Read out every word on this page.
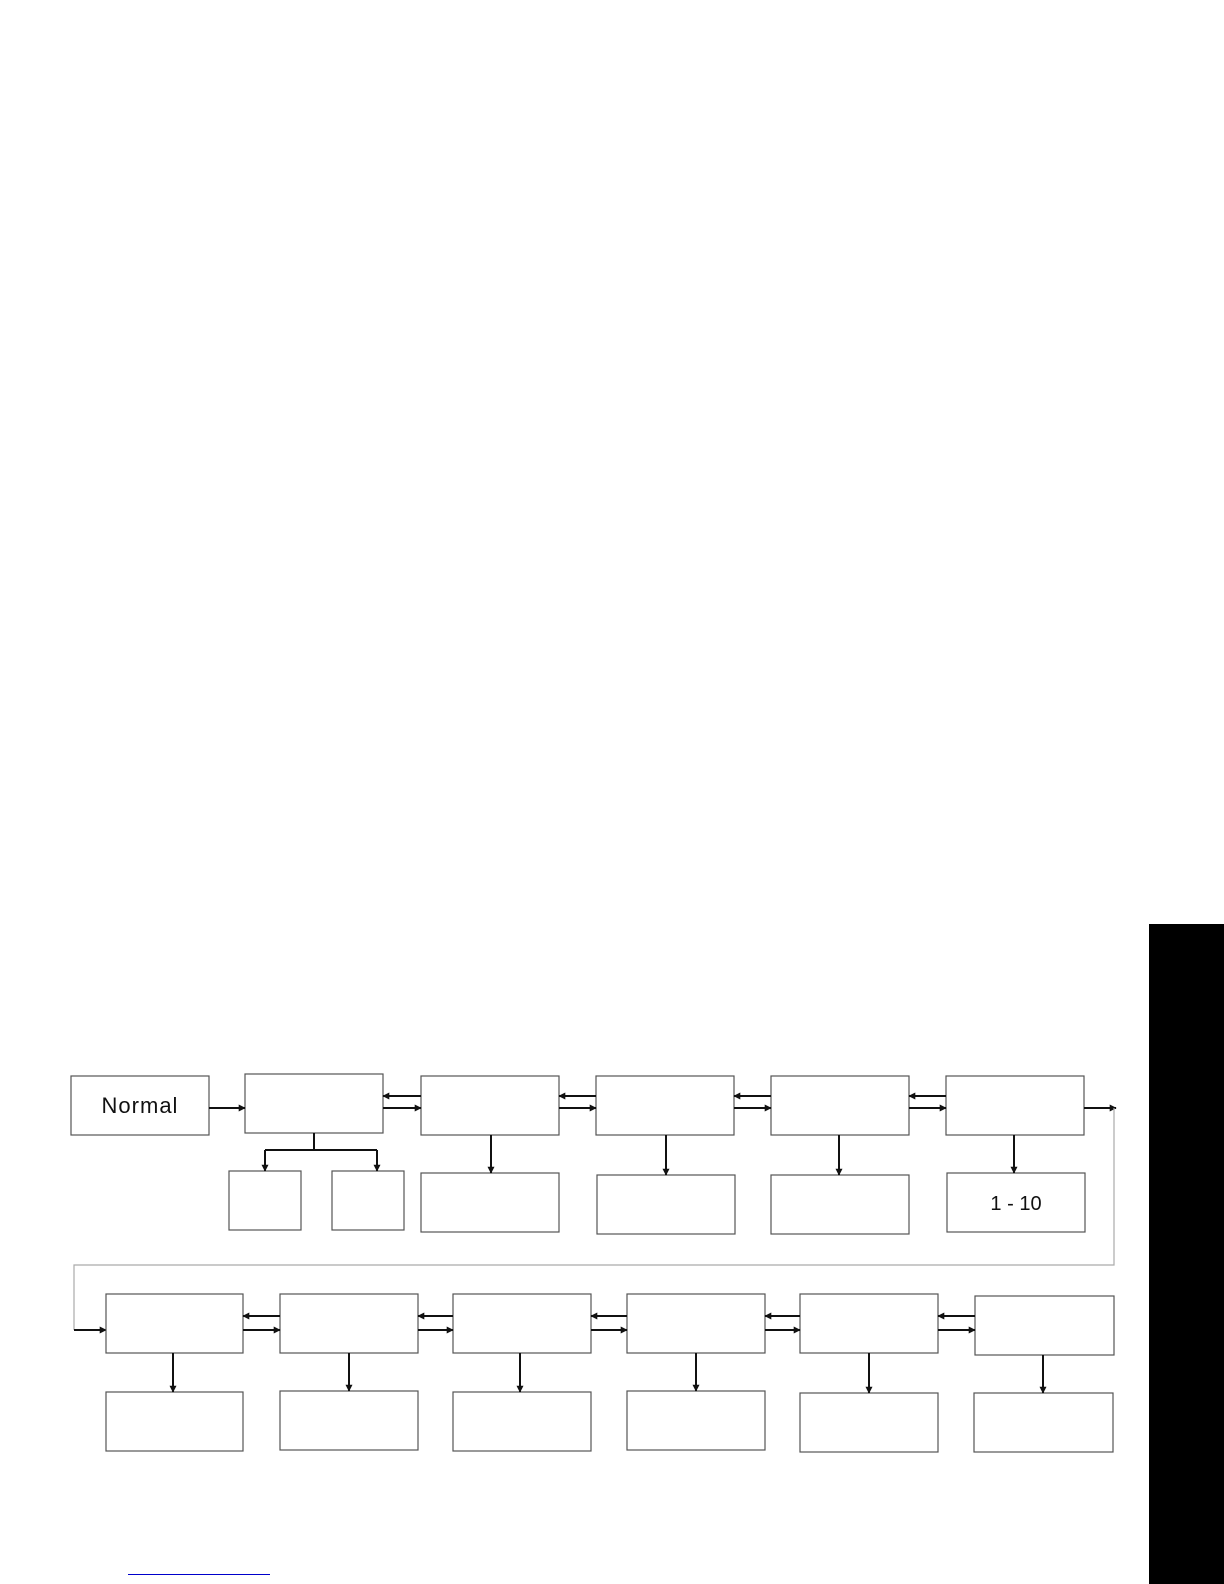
Normal
1 - 10
